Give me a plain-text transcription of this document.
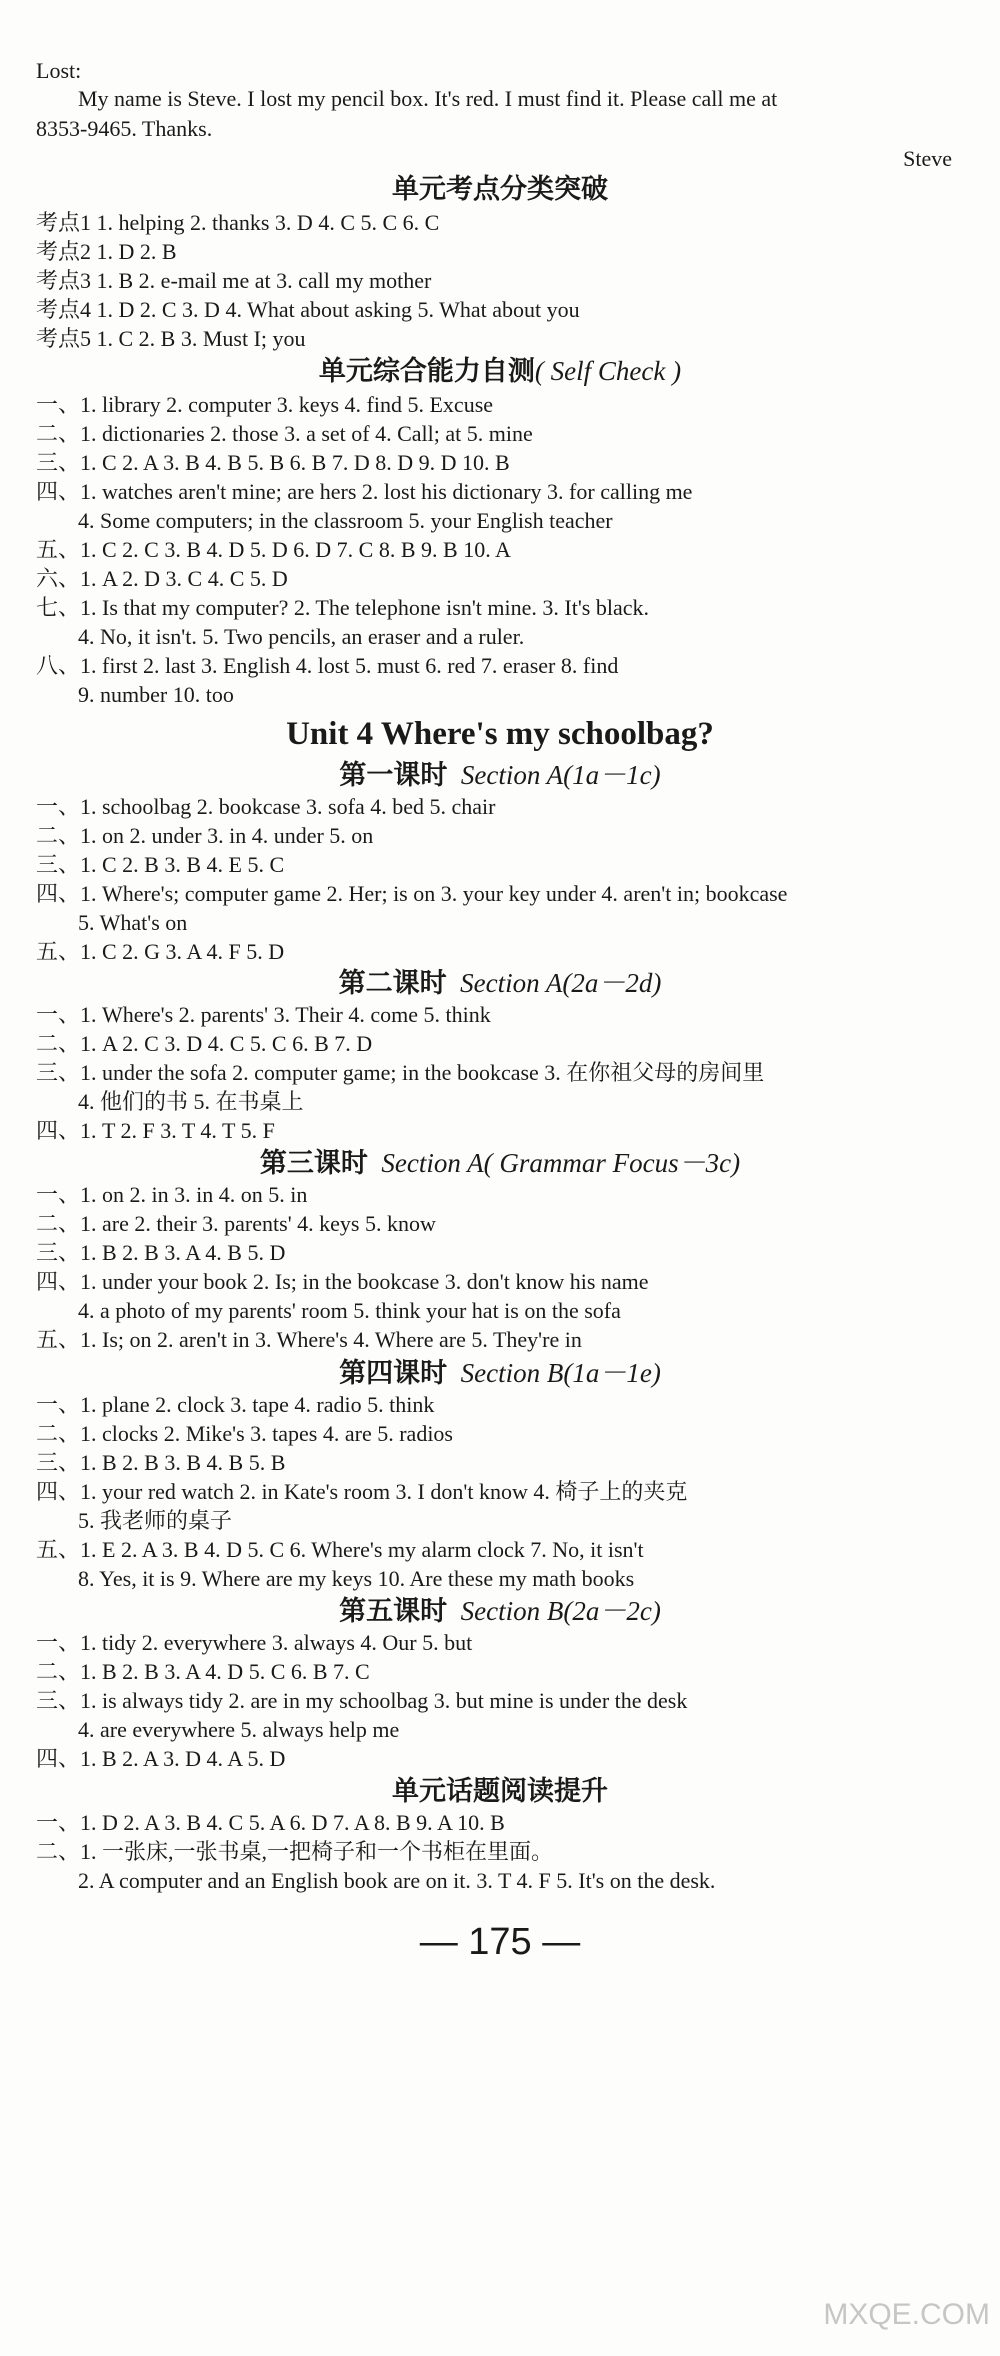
Lost:
My name is Steve. I lost my pencil box. It's red. I must find it. Please call me at
8353-9465. Thanks.
Steve
单元考点分类突破
考点1 1. helping 2. thanks 3. D 4. C 5. C 6. C
考点2 1. D 2. B
考点3 1. B 2. e-mail me at 3. call my mother
考点4 1. D 2. C 3. D 4. What about asking 5. What about you
考点5 1. C 2. B 3. Must I; you
单元综合能力自测( Self Check )
一、1. library 2. computer 3. keys 4. find 5. Excuse
二、1. dictionaries 2. those 3. a set of 4. Call; at 5. mine
三、1. C 2. A 3. B 4. B 5. B 6. B 7. D 8. D 9. D 10. B
四、1. watches aren't mine; are hers 2. lost his dictionary 3. for calling me
4. Some computers; in the classroom 5. your English teacher
五、1. C 2. C 3. B 4. D 5. D 6. D 7. C 8. B 9. B 10. A
六、1. A 2. D 3. C 4. C 5. D
七、1. Is that my computer? 2. The telephone isn't mine. 3. It's black.
4. No, it isn't. 5. Two pencils, an eraser and a ruler.
八、1. first 2. last 3. English 4. lost 5. must 6. red 7. eraser 8. find
9. number 10. too
Unit 4 Where's my schoolbag?
第一课时 Section A(1a－1c)
一、1. schoolbag 2. bookcase 3. sofa 4. bed 5. chair
二、1. on 2. under 3. in 4. under 5. on
三、1. C 2. B 3. B 4. E 5. C
四、1. Where's; computer game 2. Her; is on 3. your key under 4. aren't in; bookcase
5. What's on
五、1. C 2. G 3. A 4. F 5. D
第二课时 Section A(2a－2d)
一、1. Where's 2. parents' 3. Their 4. come 5. think
二、1. A 2. C 3. D 4. C 5. C 6. B 7. D
三、1. under the sofa 2. computer game; in the bookcase 3. 在你祖父母的房间里
4. 他们的书 5. 在书桌上
四、1. T 2. F 3. T 4. T 5. F
第三课时 Section A( Grammar Focus－3c)
一、1. on 2. in 3. in 4. on 5. in
二、1. are 2. their 3. parents' 4. keys 5. know
三、1. B 2. B 3. A 4. B 5. D
四、1. under your book 2. Is; in the bookcase 3. don't know his name
4. a photo of my parents' room 5. think your hat is on the sofa
五、1. Is; on 2. aren't in 3. Where's 4. Where are 5. They're in
第四课时 Section B(1a－1e)
一、1. plane 2. clock 3. tape 4. radio 5. think
二、1. clocks 2. Mike's 3. tapes 4. are 5. radios
三、1. B 2. B 3. B 4. B 5. B
四、1. your red watch 2. in Kate's room 3. I don't know 4. 椅子上的夹克
5. 我老师的桌子
五、1. E 2. A 3. B 4. D 5. C 6. Where's my alarm clock 7. No, it isn't
8. Yes, it is 9. Where are my keys 10. Are these my math books
第五课时 Section B(2a－2c)
一、1. tidy 2. everywhere 3. always 4. Our 5. but
二、1. B 2. B 3. A 4. D 5. C 6. B 7. C
三、1. is always tidy 2. are in my schoolbag 3. but mine is under the desk
4. are everywhere 5. always help me
四、1. B 2. A 3. D 4. A 5. D
单元话题阅读提升
一、1. D 2. A 3. B 4. C 5. A 6. D 7. A 8. B 9. A 10. B
二、1. 一张床,一张书桌,一把椅子和一个书柜在里面。
2. A computer and an English book are on it. 3. T 4. F 5. It's on the desk.
— 175 —
MXQE.COM
